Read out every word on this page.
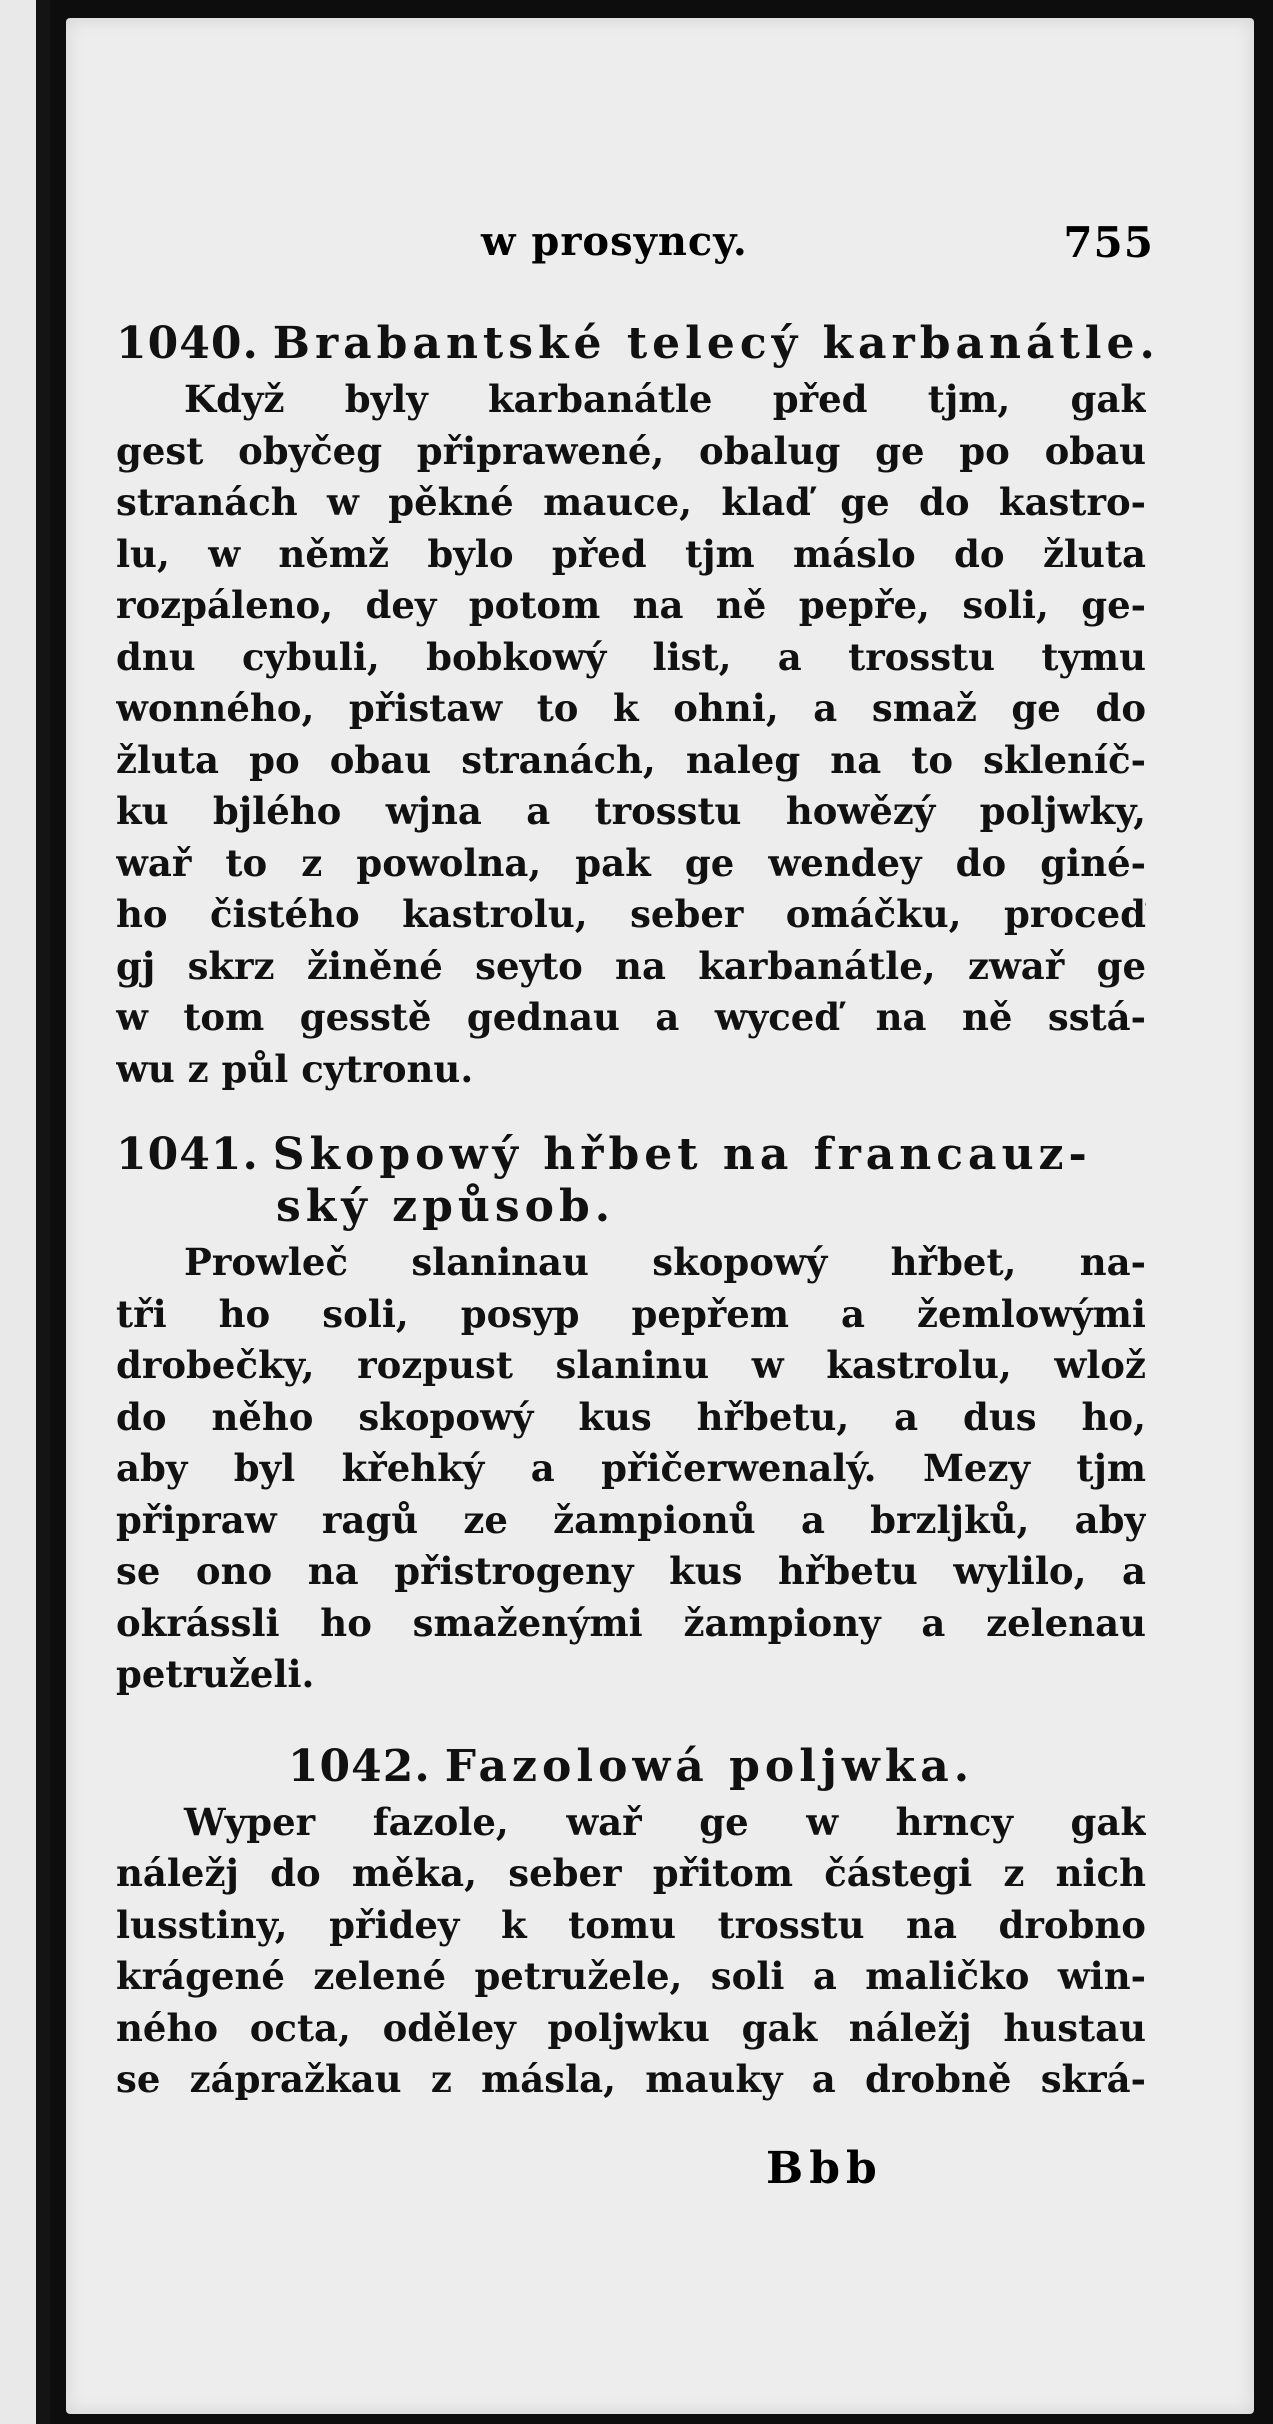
w prosyncy.	755

1040. Brabantské telecý karbanátle.

Když byly karbanátle před tjm, gak
gest obyčeg připrawené, obalug ge po obau
stranách w pěkné mauce, klaď ge do kastro-
lu, w němž bylo před tjm máslo do žluta
rozpáleno, dey potom na ně pepře, soli, ge-
dnu cybuli, bobkowý list, a trosstu tymu
wonného, přistaw to k ohni, a smaž ge do
žluta po obau stranách, naleg na to skleníč-
ku bjlého wjna a trosstu howězý poljwky,
wař to z powolna, pak ge wendey do giné-
ho čistého kastrolu, seber omáčku, proceď
gj skrz žiněné seyto na karbanátle, zwař ge
w tom gesstě gednau a wyceď na ně sstá-
wu z půl cytronu.

1041. Skopowý hřbet na francauz-
ský způsob.

Prowleč slaninau skopowý hřbet, na-
tři ho soli, posyp pepřem a žemlowými
drobečky, rozpust slaninu w kastrolu, wlož
do něho skopowý kus hřbetu, a dus ho,
aby byl křehký a přičerwenalý. Mezy tjm
připraw ragů ze žampionů a brzljků, aby
se ono na přistrogeny kus hřbetu wylilo, a
okrássli ho smaženými žampiony a zelenau
petruželi.

1042. Fazolowá poljwka.

Wyper fazole, wař ge w hrncy gak
náležj do měka, seber přitom částegi z nich
lusstiny, přidey k tomu trosstu na drobno
krágené zelené petružele, soli a maličko win-
ného octa, oděley poljwku gak náležj hustau
se zápražkau z másla, mauky a drobně skrá-
Bbb
